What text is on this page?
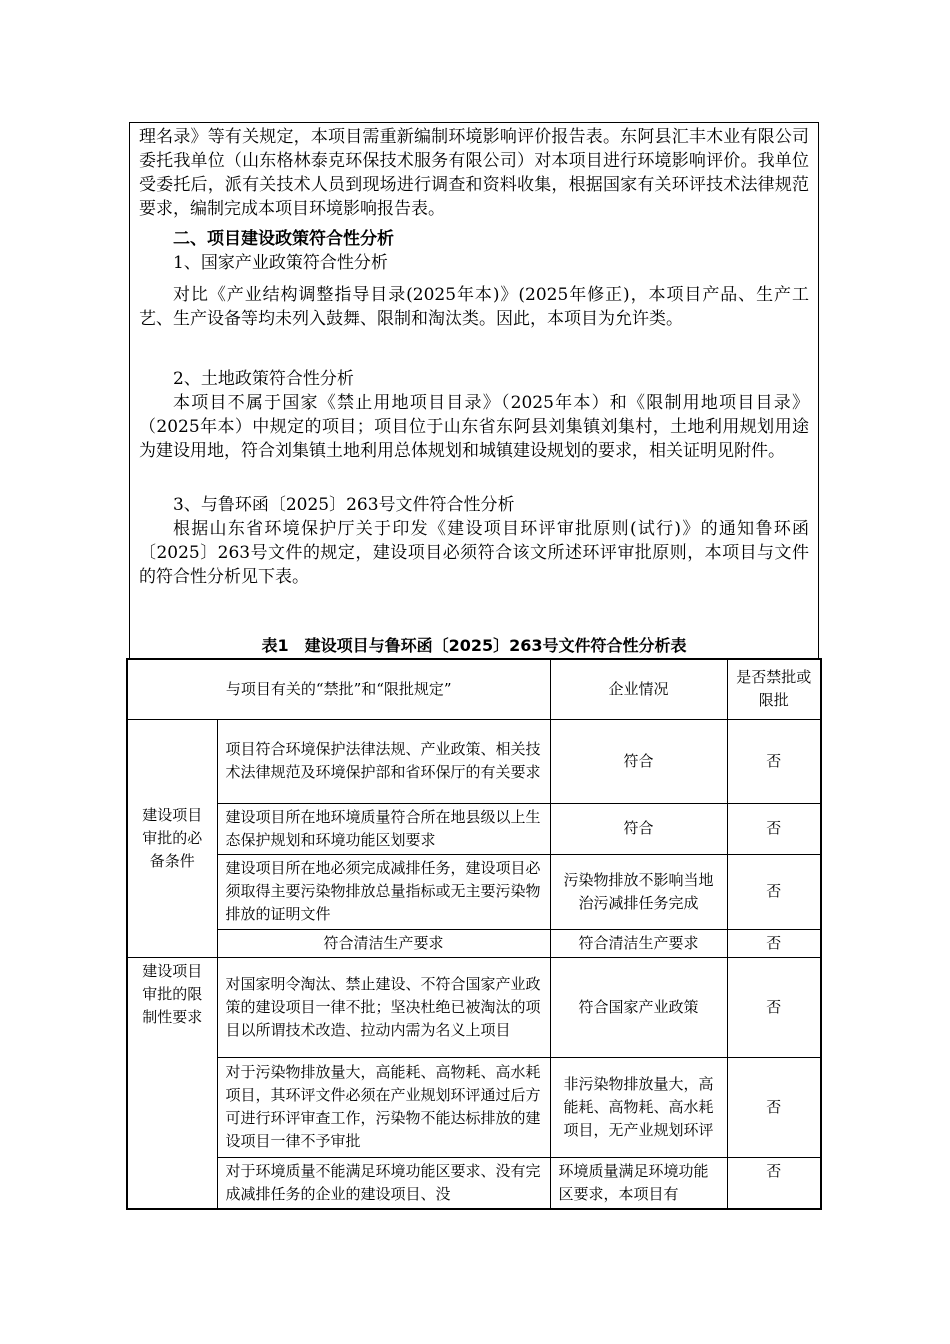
理名录》等有关规定，本项目需重新编制环境影响评价报告表。东阿县汇丰木业有限公司委托我单位（山东格林泰克环保技术服务有限公司）对本项目进行环境影响评价。我单位受委托后，派有关技术人员到现场进行调查和资料收集，根据国家有关环评技术法律规范要求，编制完成本项目环境影响报告表。

二、项目建设政策符合性分析

1、国家产业政策符合性分析

对比《产业结构调整指导目录(2025年本)》(2025年修正)，本项目产品、生产工艺、生产设备等均未列入鼓舞、限制和淘汰类。因此，本项目为允许类。

2、土地政策符合性分析

本项目不属于国家《禁止用地项目目录》（2025年本）和《限制用地项目目录》（2025年本）中规定的项目；项目位于山东省东阿县刘集镇刘集村，土地利用规划用途为建设用地，符合刘集镇土地利用总体规划和城镇建设规划的要求，相关证明见附件。

3、与鲁环函〔2025〕263号文件符合性分析

根据山东省环境保护厅关于印发《建设项目环评审批原则(试行)》的通知鲁环函〔2025〕263号文件的规定，建设项目必须符合该文所述环评审批原则，本项目与文件的符合性分析见下表。

表1　建设项目与鲁环函〔2025〕263号文件符合性分析表
与项目有关的“禁批”和“限批规定”		企业情况	是否禁批或限批
建设项目审批的必备条件	项目符合环境保护法律法规、产业政策、相关技术法律规范及环境保护部和省环保厅的有关要求	符合	否
	建设项目所在地环境质量符合所在地县级以上生态保护规划和环境功能区划要求	符合	否
	建设项目所在地必须完成减排任务，建设项目必须取得主要污染物排放总量指标或无主要污染物排放的证明文件	污染物排放不影响当地治污减排任务完成	否
	符合清洁生产要求	符合清洁生产要求	否
建设项目审批的限制性要求	对国家明令淘汰、禁止建设、不符合国家产业政策的建设项目一律不批；坚决杜绝已被淘汰的项目以所谓技术改造、拉动内需为名义上项目	符合国家产业政策	否
	对于污染物排放量大，高能耗、高物耗、高水耗项目，其环评文件必须在产业规划环评通过后方可进行环评审查工作，污染物不能达标排放的建设项目一律不予审批	非污染物排放量大，高能耗、高物耗、高水耗项目，无产业规划环评	否
	对于环境质量不能满足环境功能区要求、没有完成减排任务的企业的建设项目、没	环境质量满足环境功能区要求，本项目有	否
